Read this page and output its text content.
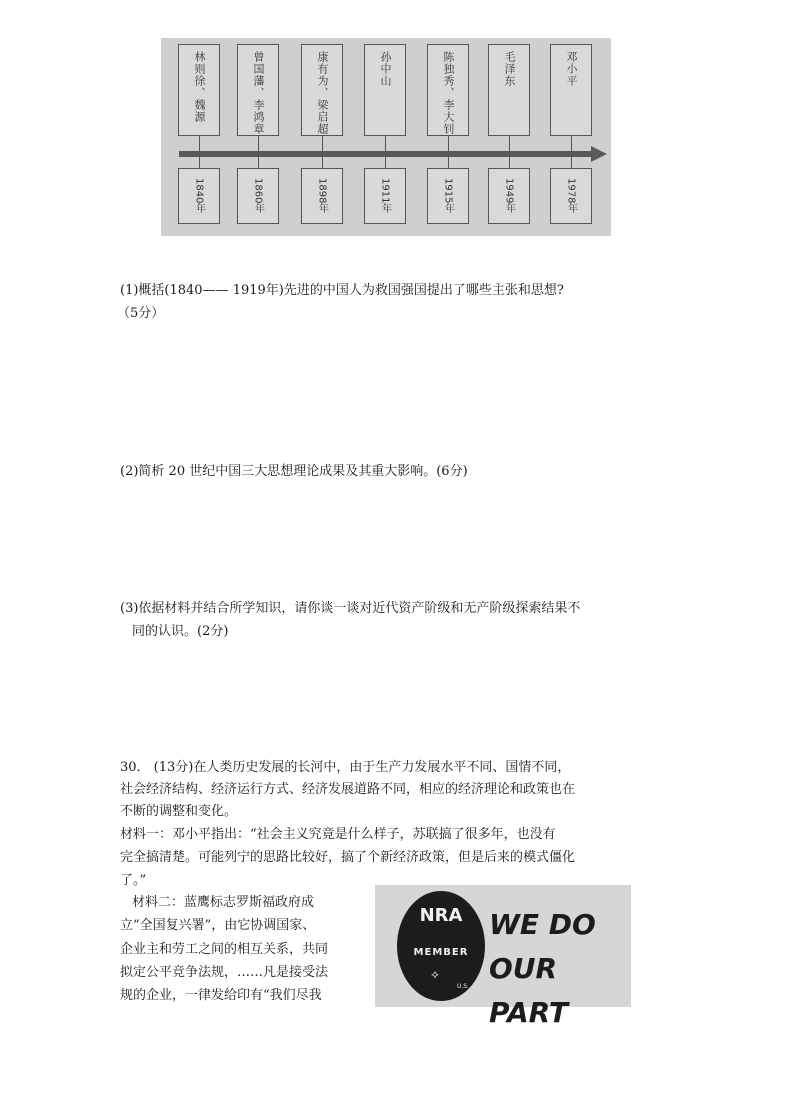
林则徐、魏源	曾国藩、李鸿章	康有为、梁启超	孙中山	陈独秀、李大钊	毛泽东	邓小平
1840年	1860年	1898年	1911年	1915年	1949年	1978年
(1)概括(1840—— 1919年)先进的中国人为救国强国提出了哪些主张和思想?
（5分）
(2)简析 20 世纪中国三大思想理论成果及其重大影响。(6分)
(3)依据材料并结合所学知识，请你谈一谈对近代资产阶级和无产阶级探索结果不
同的认识。(2分)
30． (13分)在人类历史发展的长河中，由于生产力发展水平不同、国情不同，
社会经济结构、经济运行方式、经济发展道路不同，相应的经济理论和政策也在
不断的调整和变化。
材料一：邓小平指出：“社会主义究竟是什么样子，苏联搞了很多年，也没有
完全搞清楚。可能列宁的思路比较好，搞了个新经济政策，但是后来的模式僵化
了。”
材料二：蓝鹰标志罗斯福政府成
立“全国复兴署”，由它协调国家、
企业主和劳工之间的相互关系，共同
拟定公平竞争法规，……凡是接受法
规的企业，一律发给印有“我们尽我
NRA
MEMBER
⟡
U.S.
WE DO
OUR PART
